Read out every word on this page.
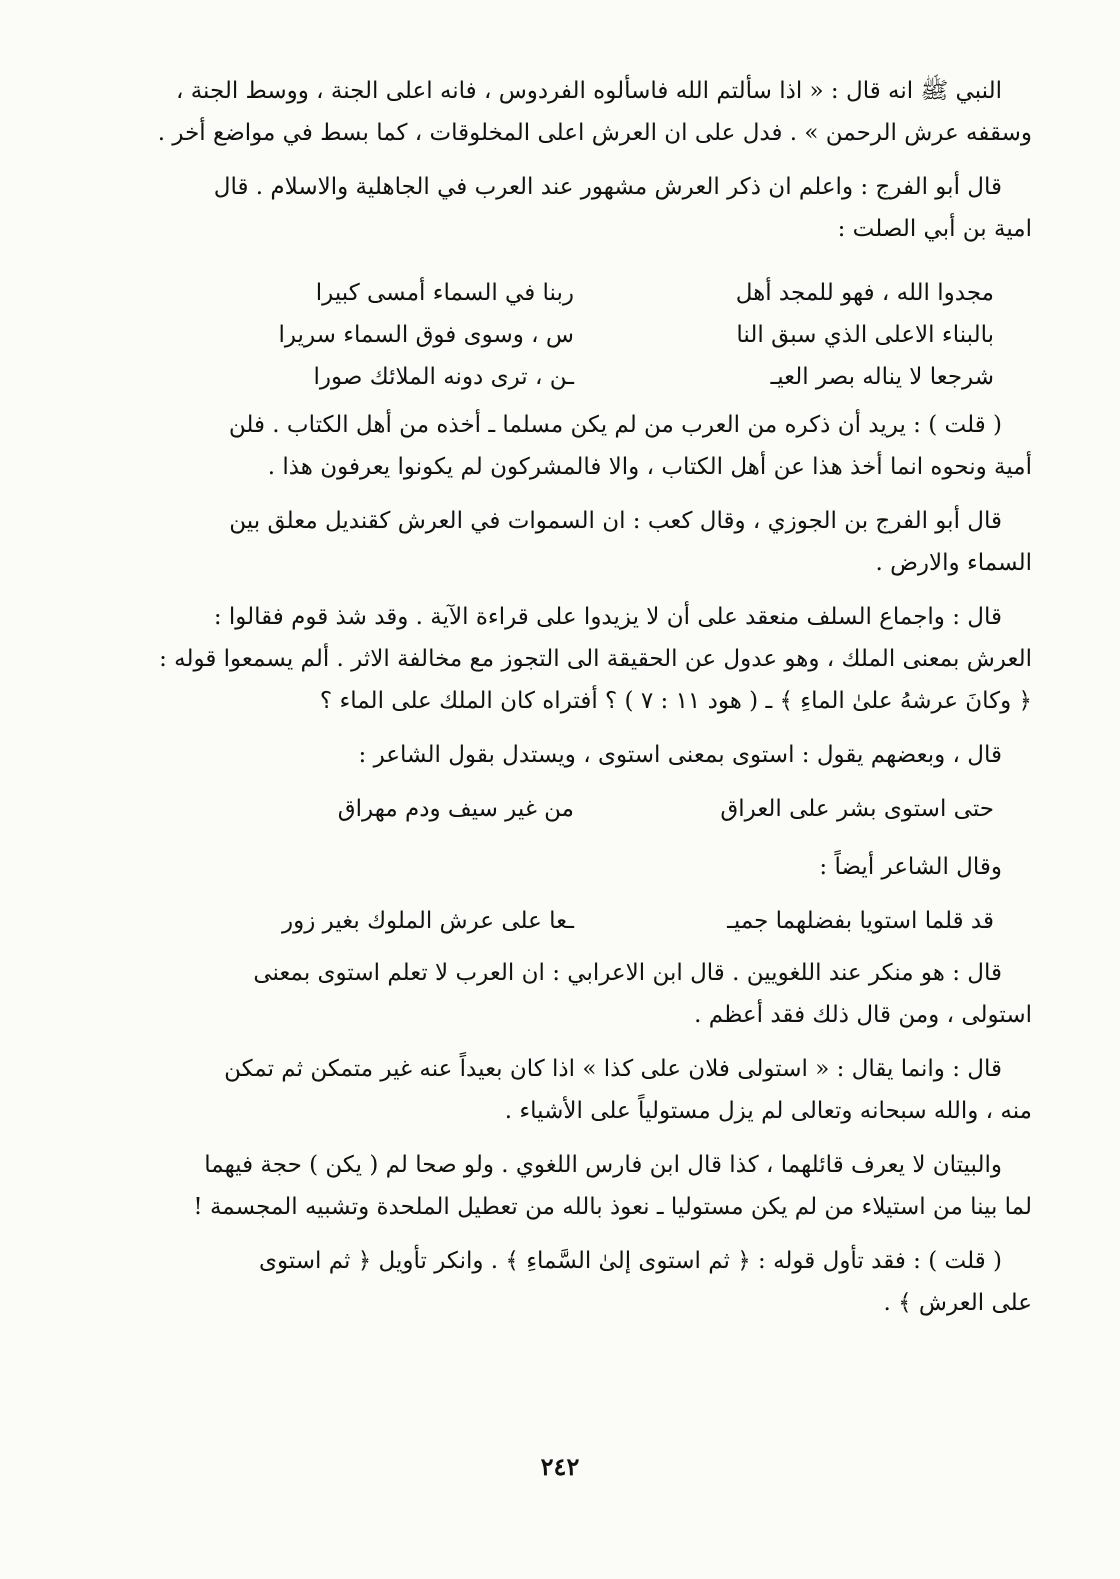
النبي ﷺ انه قال : « اذا سألتم الله فاسألوه الفردوس ، فانه اعلى الجنة ، ووسط الجنة ،
وسقفه عرش الرحمن » . فدل على ان العرش اعلى المخلوقات ، كما بسط في مواضع أخر .
قال أبو الفرج : واعلم ان ذكر العرش مشهور عند العرب في الجاهلية والاسلام . قال
امية بن أبي الصلت :
مجدوا الله ، فهو للمجد أهل
ربنا في السماء أمسى كبيرا
بالبناء الاعلى الذي سبق النا
س ، وسوى فوق السماء سريرا
شرجعا لا يناله بصر العيـ
ـن ، ترى دونه الملائك صورا
( قلت ) : يريد أن ذكره من العرب من لم يكن مسلما ـ أخذه من أهل الكتاب . فلن
أمية ونحوه انما أخذ هذا عن أهل الكتاب ، والا فالمشركون لم يكونوا يعرفون هذا .
قال أبو الفرج بن الجوزي ، وقال كعب : ان السموات في العرش كقنديل معلق بين
السماء والارض .
قال : واجماع السلف منعقد على أن لا يزيدوا على قراءة الآية . وقد شذ قوم فقالوا :
العرش بمعنى الملك ، وهو عدول عن الحقيقة الى التجوز مع مخالفة الاثر . ألم يسمعوا قوله :
﴿ وكانَ عرشهُ علىٰ الماءِ ﴾ ـ ( هود ١١ : ٧ ) ؟ أفتراه كان الملك على الماء ؟
قال ، وبعضهم يقول : استوى بمعنى استوى ، ويستدل بقول الشاعر :
حتى استوى بشر على العراق
من غير سيف ودم مهراق
وقال الشاعر أيضاً :
قد قلما استويا بفضلهما جميـ
ـعا على عرش الملوك بغير زور
قال : هو منكر عند اللغويين . قال ابن الاعرابي : ان العرب لا تعلم استوى بمعنى
استولى ، ومن قال ذلك فقد أعظم .
قال : وانما يقال : « استولى فلان على كذا » اذا كان بعيداً عنه غير متمكن ثم تمكن
منه ، والله سبحانه وتعالى لم يزل مستولياً على الأشياء .
والبيتان لا يعرف قائلهما ، كذا قال ابن فارس اللغوي . ولو صحا لم ( يكن ) حجة فيهما
لما بينا من استيلاء من لم يكن مستوليا ـ نعوذ بالله من تعطيل الملحدة وتشبيه المجسمة !
( قلت ) : فقد تأول قوله : ﴿ ثم استوى إلىٰ السَّماءِ ﴾ . وانكر تأويل ﴿ ثم استوى
على العرش ﴾ .
٢٤٢
